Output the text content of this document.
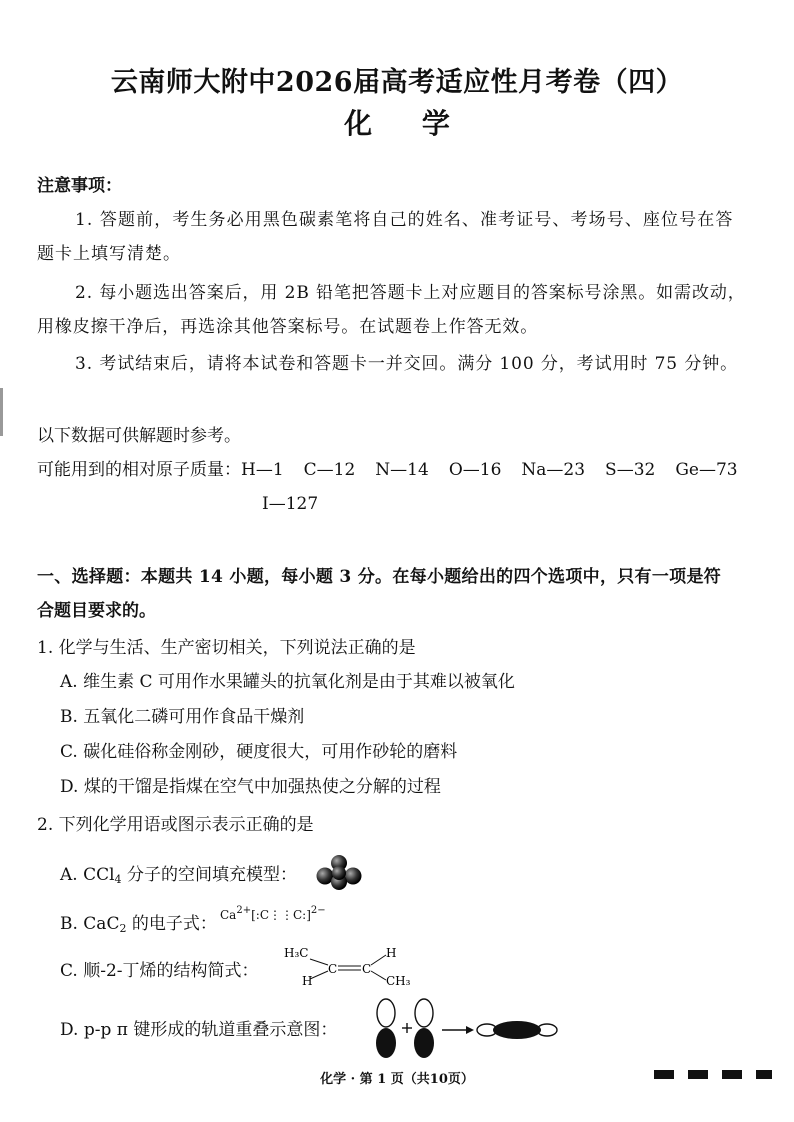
云南师大附中2026届高考适应性月考卷（四）
化 学
注意事项：
1. 答题前，考生务必用黑色碳素笔将自己的姓名、准考证号、考场号、座位号在答
题卡上填写清楚。
2. 每小题选出答案后，用 2B 铅笔把答题卡上对应题目的答案标号涂黑。如需改动，
用橡皮擦干净后，再选涂其他答案标号。在试题卷上作答无效。
3. 考试结束后，请将本试卷和答题卡一并交回。满分 100 分，考试用时 75 分钟。
以下数据可供解题时参考。
可能用到的相对原子质量：H—1 C—12 N—14 O—16 Na—23 S—32 Ge—73
I—127
一、选择题：本题共 14 小题，每小题 3 分。在每小题给出的四个选项中，只有一项是符
合题目要求的。
1. 化学与生活、生产密切相关，下列说法正确的是
A. 维生素 C 可用作水果罐头的抗氧化剂是由于其难以被氧化
B. 五氧化二磷可用作食品干燥剂
C. 碳化硅俗称金刚砂，硬度很大，可用作砂轮的磨料
D. 煤的干馏是指煤在空气中加强热使之分解的过程
2. 下列化学用语或图示表示正确的是
A. CCl$_4$ 分子的空间填充模型：
B. CaC$_2$ 的电子式： $Ca^{2+}[:C⋮⋮C:]^{2-}$
C. 顺-2-丁烯的结构简式：
H₃C	H
H	CH₃
C C
D. p-p π 键形成的轨道重叠示意图：
化学 · 第 1 页（共10页）
